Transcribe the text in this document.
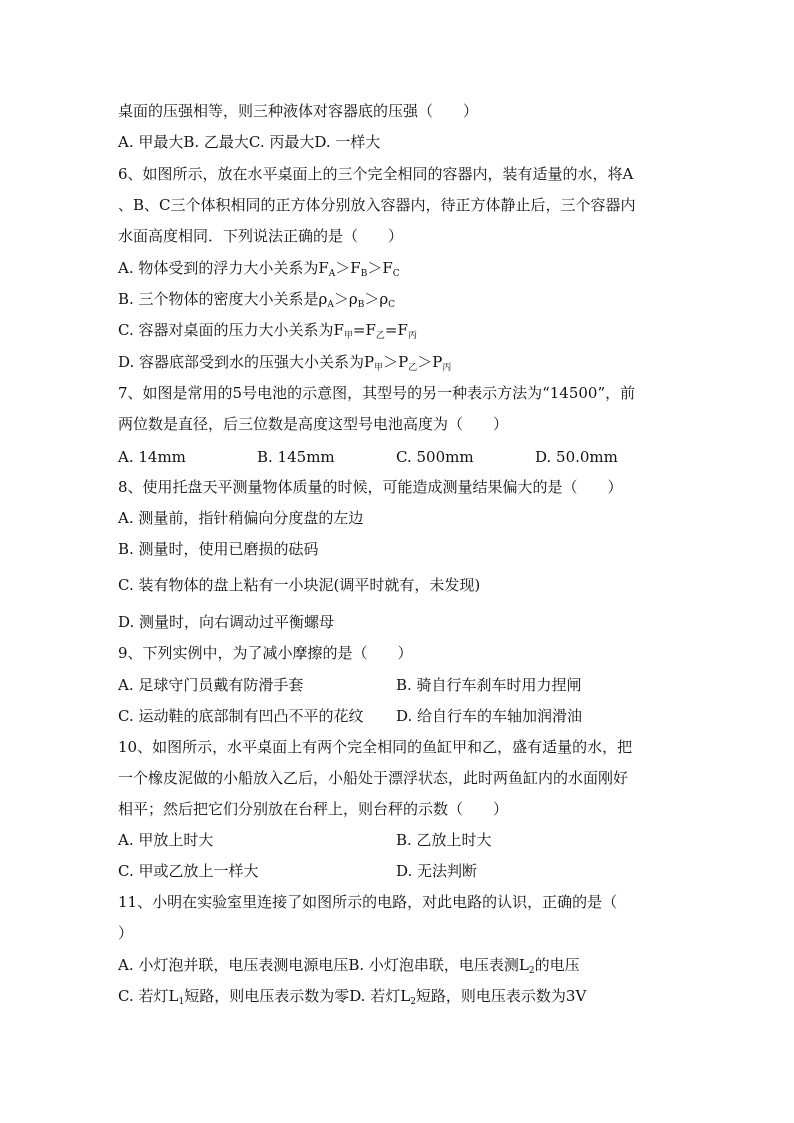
桌面的压强相等，则三种液体对容器底的压强（　　）
A. 甲最大B. 乙最大C. 丙最大D. 一样大
6、如图所示，放在水平桌面上的三个完全相同的容器内，装有适量的水，将A
、B、C三个体积相同的正方体分别放入容器内，待正方体静止后，三个容器内
水面高度相同．下列说法正确的是（　　）
A. 物体受到的浮力大小关系为$F_A>F_B>F_C$
B. 三个物体的密度大小关系是$\rho_A>\rho_B>\rho_C$
C. 容器对桌面的压力大小关系为$F_甲=F_乙=F_丙$
D. 容器底部受到水的压强大小关系为$P_甲>P_乙>P_丙$
7、如图是常用的5号电池的示意图，其型号的另一种表示方法为“14500”，前
两位数是直径，后三位数是高度这型号电池高度为（　　）
A. 14mm	B. 145mm	C. 500mm	D. 50.0mm
8、使用托盘天平测量物体质量的时候，可能造成测量结果偏大的是（　　）
A. 测量前，指针稍偏向分度盘的左边
B. 测量时，使用已磨损的砝码
C. 装有物体的盘上粘有一小块泥(调平时就有，未发现)
D. 测量时，向右调动过平衡螺母
9、下列实例中，为了减小摩擦的是（　　）
A. 足球守门员戴有防滑手套	B. 骑自行车刹车时用力捏闸
C. 运动鞋的底部制有凹凸不平的花纹 D. 给自行车的车轴加润滑油
10、如图所示，水平桌面上有两个完全相同的鱼缸甲和乙，盛有适量的水，把
一个橡皮泥做的小船放入乙后，小船处于漂浮状态，此时两鱼缸内的水面刚好
相平；然后把它们分别放在台秤上，则台秤的示数（　　）
A. 甲放上时大	B. 乙放上时大
C. 甲或乙放上一样大	D. 无法判断
11、小明在实验室里连接了如图所示的电路，对此电路的认识，正确的是（
）
A. 小灯泡并联，电压表测电源电压B. 小灯泡串联，电压表测$L_2$的电压
C. 若灯$L_1$短路，则电压表示数为零D. 若灯$L_2$短路，则电压表示数为3V
